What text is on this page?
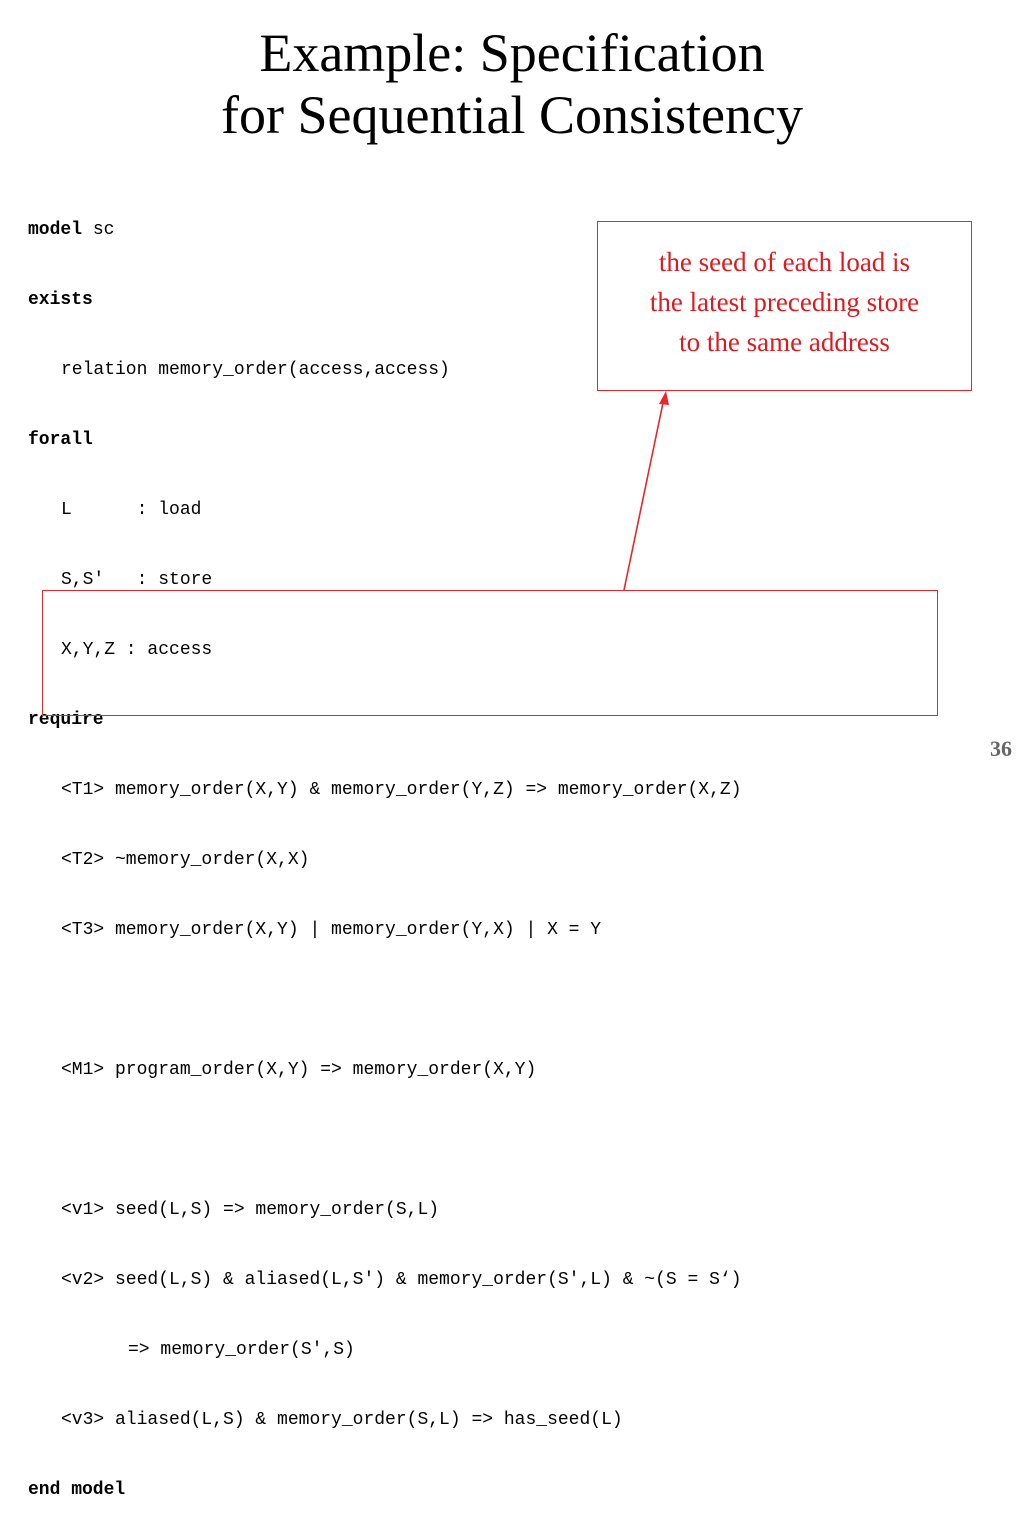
Example: Specification
for Sequential Consistency

model sc

exists

relation memory_order(access,access)

forall

L      : load

S,S'   : store

X,Y,Z : access

require

<T1> memory_order(X,Y) & memory_order(Y,Z) => memory_order(X,Z)

<T2> ~memory_order(X,X)

<T3> memory_order(X,Y) | memory_order(Y,X) | X = Y

<M1> program_order(X,Y) => memory_order(X,Y)

<v1> seed(L,S) => memory_order(S,L)

<v2> seed(L,S) & aliased(L,S') & memory_order(S',L) & ~(S = S‘)

=> memory_order(S',S)

<v3> aliased(L,S) & memory_order(S,L) => has_seed(L)

end model

the seed of each load is
the latest preceding store
to the same address
36
